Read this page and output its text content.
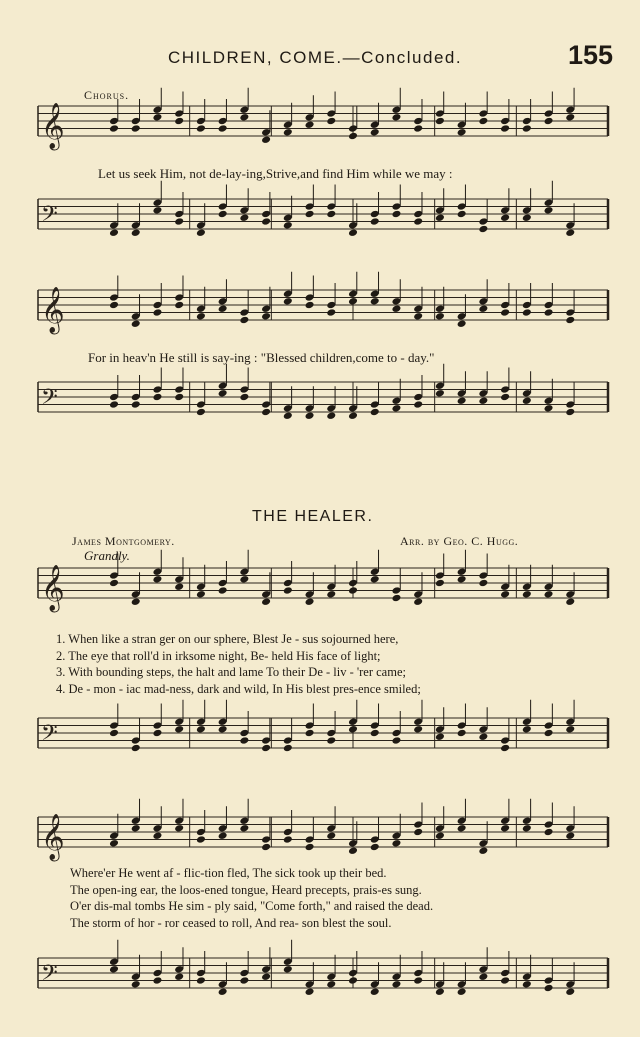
CHILDREN, COME.—Concluded.	155
Chorus.
𝄞
Let us seek Him, not de-lay-ing,Strive,and find Him while we may :
𝄢
𝄞
For in heav'n He still is say-ing : "Blessed children,come to - day."
𝄢
THE HEALER.
James Montgomery.	Arr. by Geo. C. Hugg.
Grandly.
𝄞
1. When like a stran ger on our sphere, Blest Je - sus sojourned here,
2. The eye that roll'd in irksome night, Be- held His face of light;
3. With bounding steps, the halt and lame To their De - liv - 'rer came;
4. De - mon - iac mad-ness, dark and wild, In His blest pres-ence smiled;
𝄢
𝄞
Where'er He went af - flic-tion fled, The sick took up their bed.
The open-ing ear, the loos-ened tongue, Heard precepts, prais-es sung.
O'er dis-mal tombs He sim - ply said, "Come forth," and raised the dead.
The storm of hor - ror ceased to roll, And rea- son blest the soul.
𝄢
